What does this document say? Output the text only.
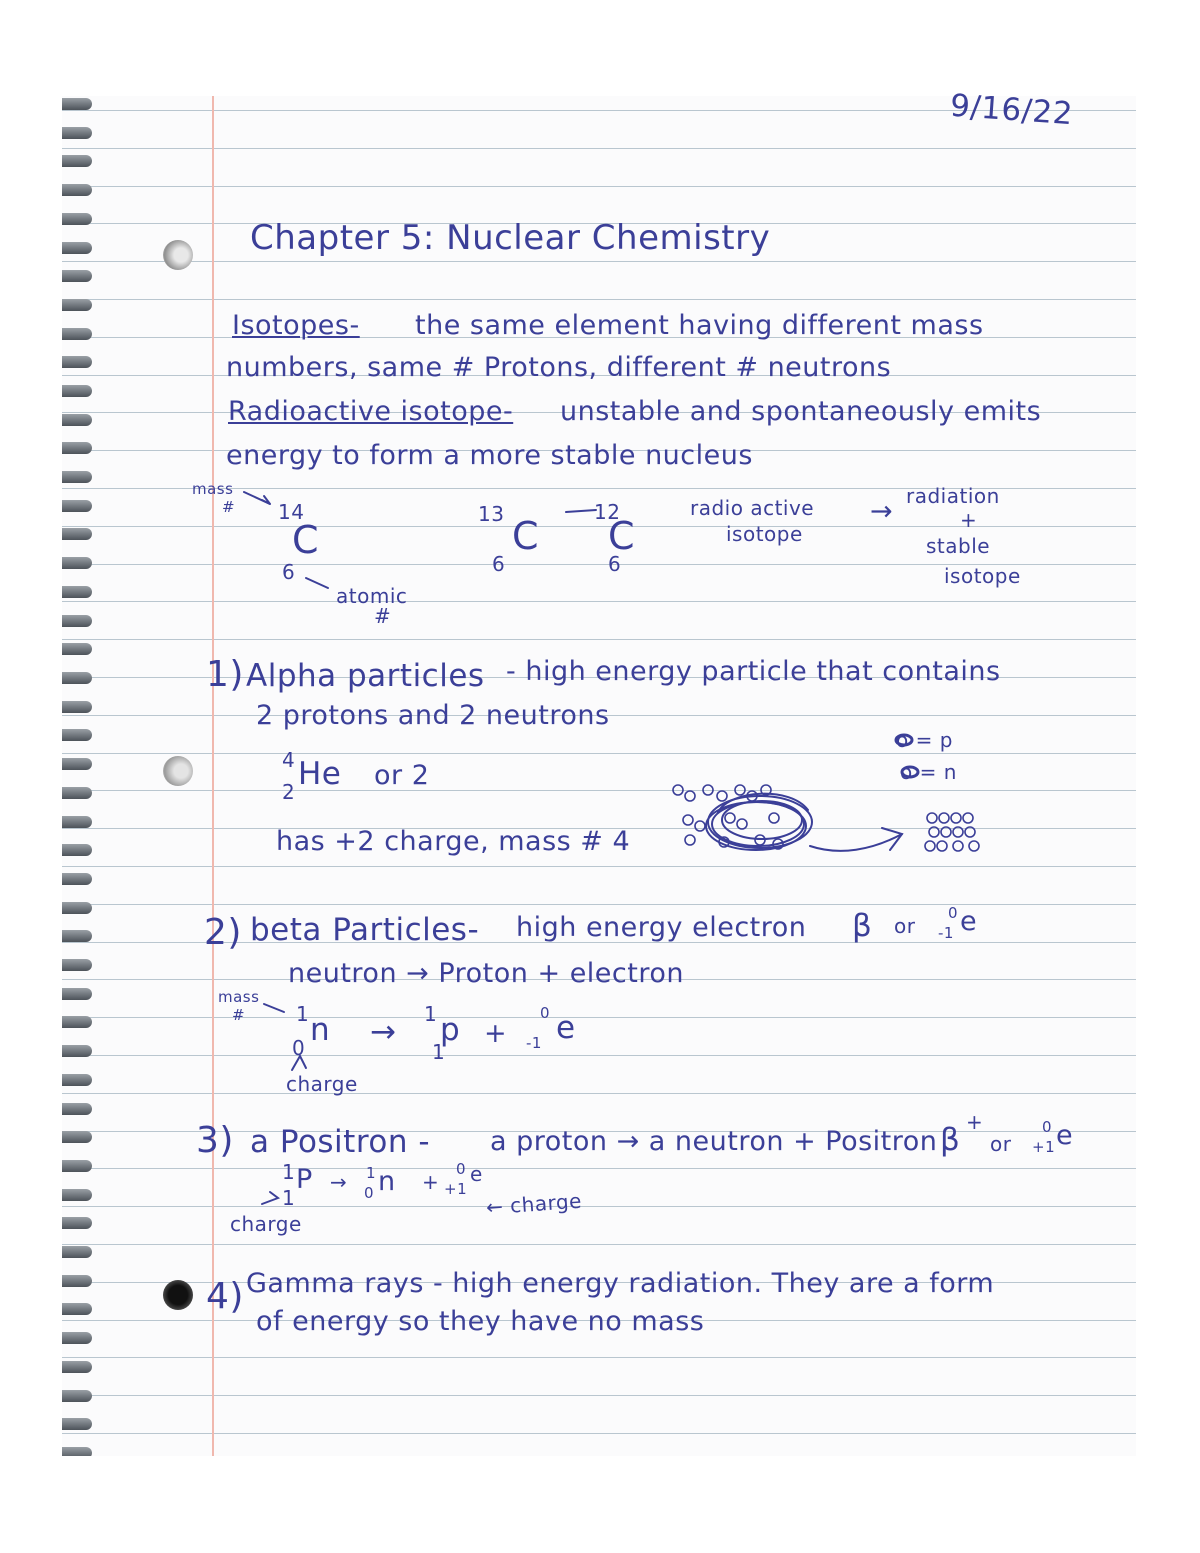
9/16/22
Chapter 5: Nuclear Chemistry
Isotopes- the same element having different mass
numbers, same # Protons, different # neutrons
Radioactive isotope- unstable and spontaneously emits
energy to form a more stable nucleus
mass
# 14
C
6
atomic
#
13 C
6
12
C
6
radio active
isotope
→ radiation
+
stable
isotope
1) Alpha particles - high energy particle that contains
2 protons and 2 neutrons
4
2 He or 2
has +2 charge, mass # 4
o = p
o = n
2) beta Particles- high energy electron β or
0
-1 e
neutron → Proton + electron
mass
#	1
0 n → 1
1
p +
0
-1 e
charge
3) a Positron - a proton → a neutron + Positron β +
or
0
+1 e
1
1
P → 1
0 n +
0
+1
e
← charge
charge
4) Gamma rays - high energy radiation. They are a form
of energy so they have no mass
